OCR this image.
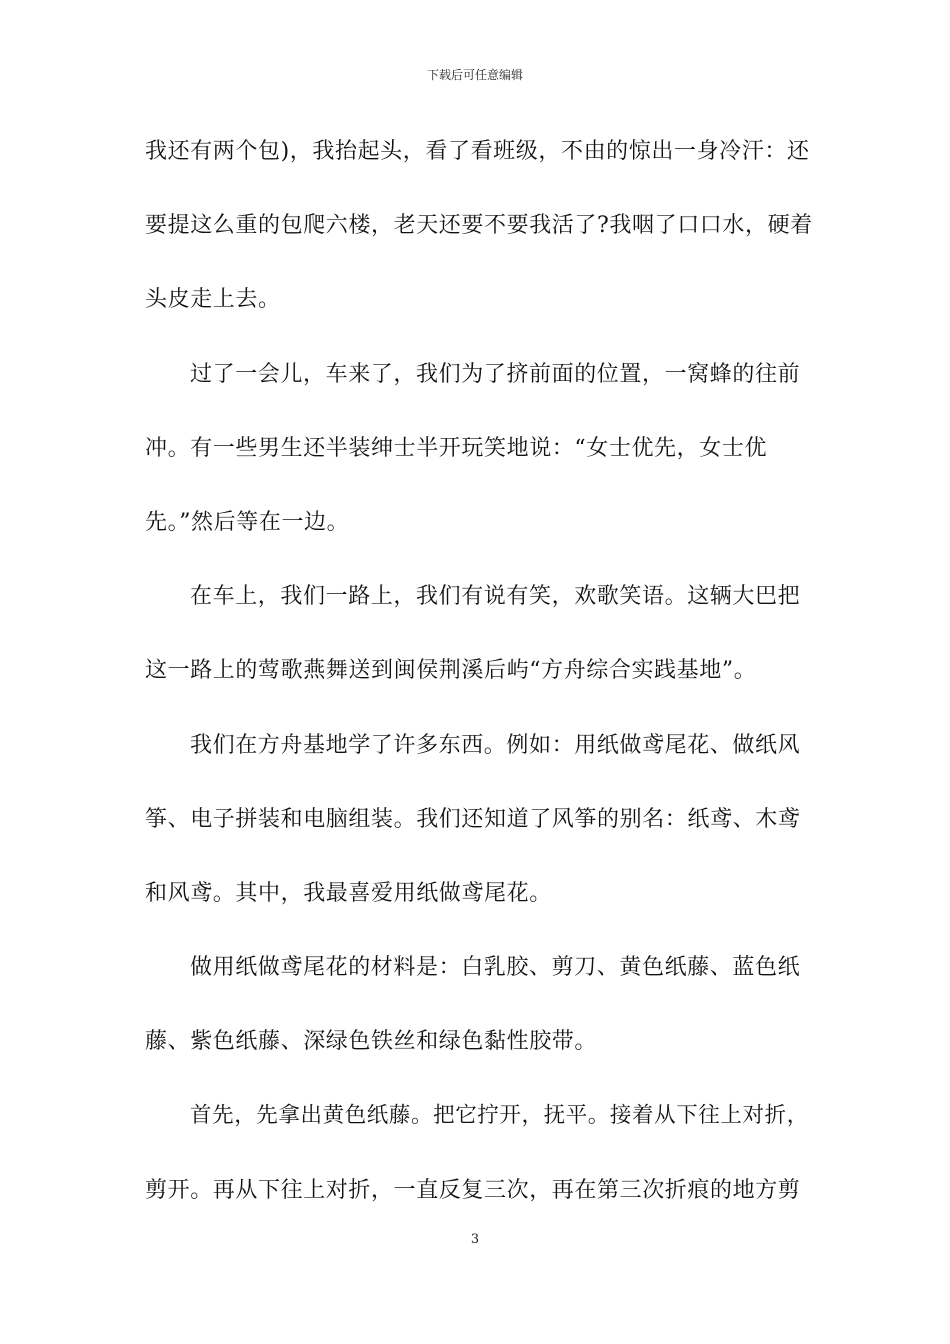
下载后可任意编辑
我还有两个包)，我抬起头，看了看班级，不由的惊出一身冷汗：还
要提这么重的包爬六楼，老天还要不要我活了?我咽了口口水，硬着
头皮走上去。
过了一会儿，车来了，我们为了挤前面的位置，一窝蜂的往前
冲。有一些男生还半装绅士半开玩笑地说：“女士优先，女士优
先。”然后等在一边。
在车上，我们一路上，我们有说有笑，欢歌笑语。这辆大巴把
这一路上的莺歌燕舞送到闽侯荆溪后屿“方舟综合实践基地”。
我们在方舟基地学了许多东西。例如：用纸做鸢尾花、做纸风
筝、电子拼装和电脑组装。我们还知道了风筝的别名：纸鸢、木鸢
和风鸢。其中，我最喜爱用纸做鸢尾花。
做用纸做鸢尾花的材料是：白乳胶、剪刀、黄色纸藤、蓝色纸
藤、紫色纸藤、深绿色铁丝和绿色黏性胶带。
首先，先拿出黄色纸藤。把它拧开，抚平。接着从下往上对折，
剪开。再从下往上对折，一直反复三次，再在第三次折痕的地方剪
3
